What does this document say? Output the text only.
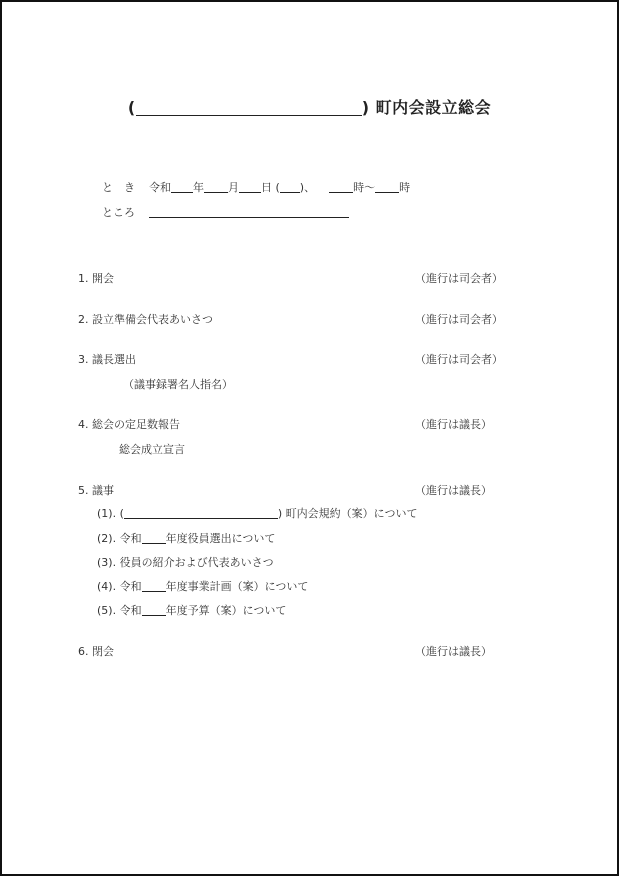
(	) 町内会設立総会
と　き 令和 年 月 日 ( )、	時〜 時
ところ
1. 開会	（進行は司会者）
2. 設立準備会代表あいさつ	（進行は司会者）
3. 議長選出	（進行は司会者）
（議事録署名人指名）
4. 総会の定足数報告	（進行は議長）
総会成立宣言
5. 議事	（進行は議長）
(1). (	) 町内会規約（案）について
(2). 令和 年度役員選出について
(3). 役員の紹介および代表あいさつ
(4). 令和 年度事業計画（案）について
(5). 令和 年度予算（案）について
6. 閉会	（進行は議長）
